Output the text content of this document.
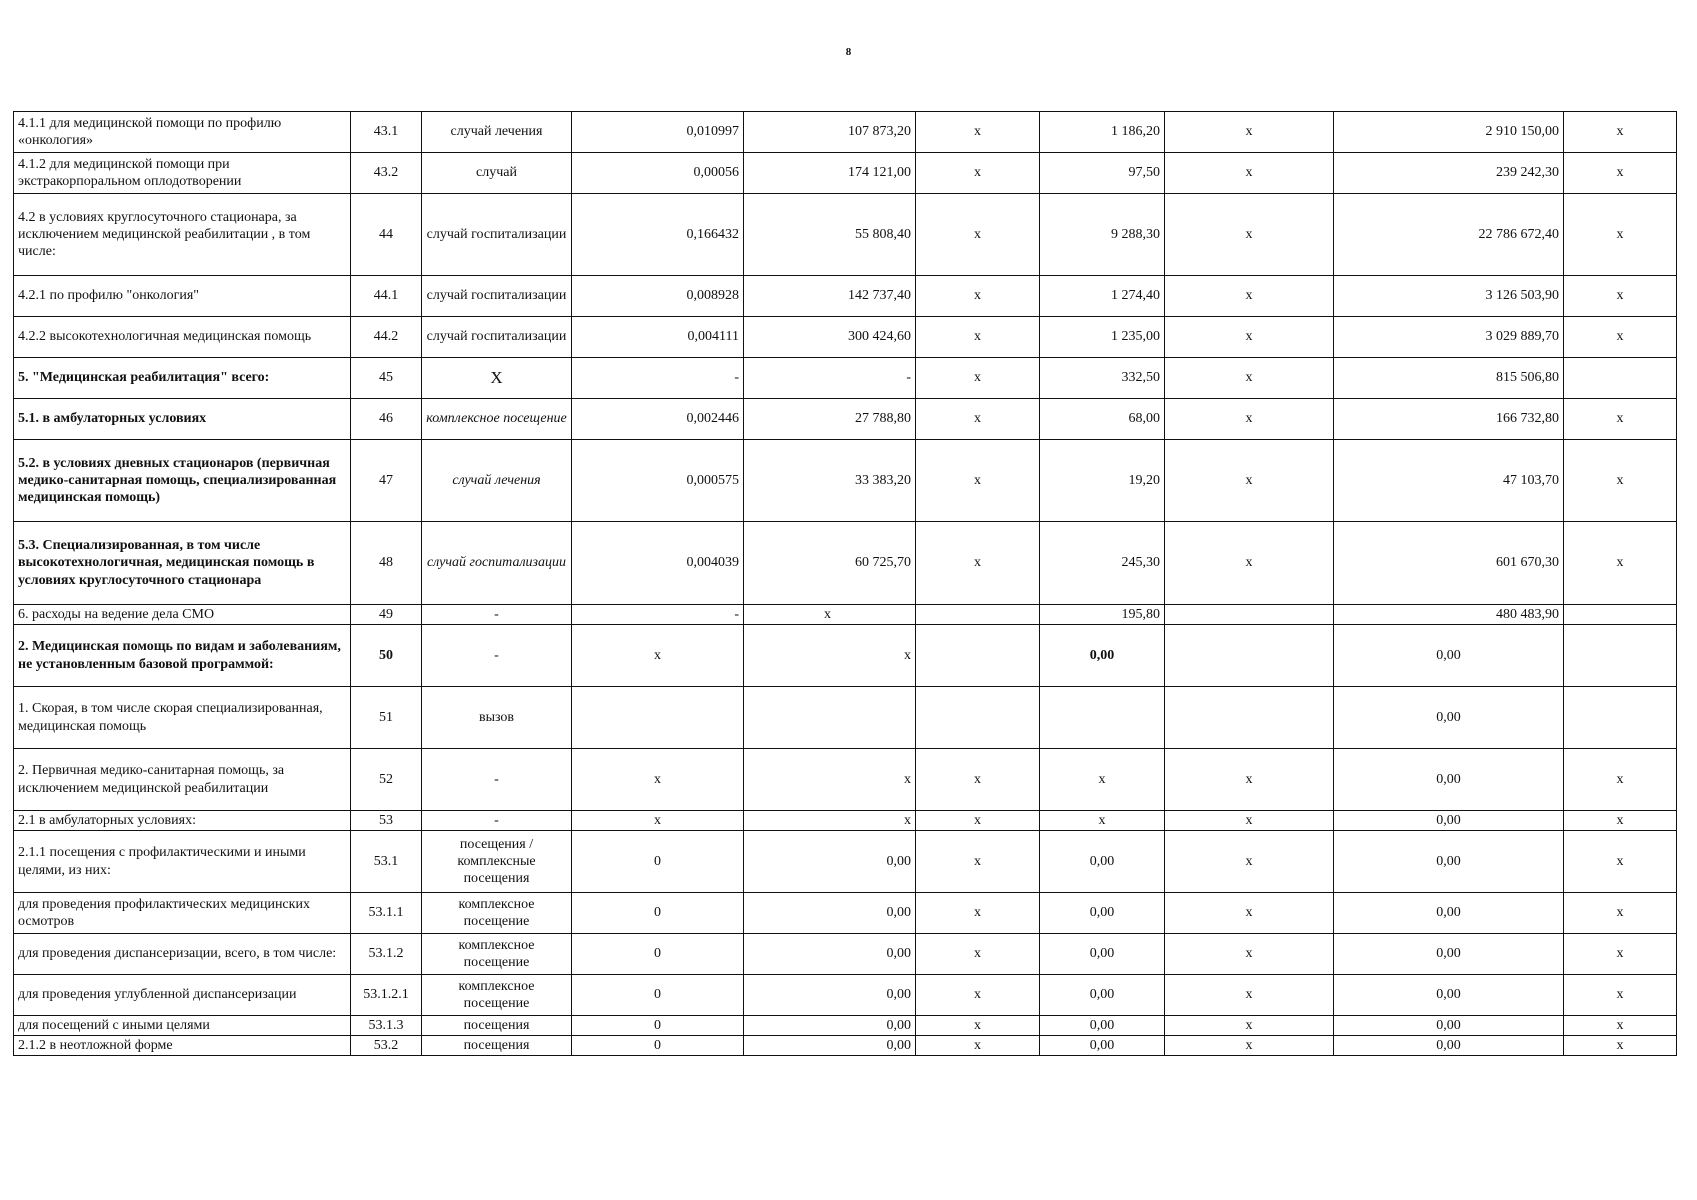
8
4.1.1 для медицинской помощи по профилю «онкология»	43.1	случай лечения	0,010997	107 873,20	x	1 186,20	x	2 910 150,00	x
4.1.2 для медицинской помощи при экстракорпоральном оплодотворении	43.2	случай	0,00056	174 121,00	x	97,50	x	239 242,30	x
4.2 в условиях круглосуточного стационара, за исключением медицинской реабилитации , в том числе:	44	случай госпитализации	0,166432	55 808,40	x	9 288,30	x	22 786 672,40	x
4.2.1 по профилю "онкология"	44.1	случай госпитализации	0,008928	142 737,40	x	1 274,40	x	3 126 503,90	x
4.2.2 высокотехнологичная медицинская помощь	44.2	случай госпитализации	0,004111	300 424,60	x	1 235,00	x	3 029 889,70	x
5. "Медицинская реабилитация" всего:	45	X	-	-	x	332,50	x	815 506,80	
5.1. в амбулаторных условиях	46	комплексное посещение	0,002446	27 788,80	x	68,00	x	166 732,80	x
5.2. в условиях дневных стационаров (первичная медико-санитарная помощь, специализированная медицинская помощь)	47	случай лечения	0,000575	33 383,20	x	19,20	x	47 103,70	x
5.3. Специализированная, в том числе высокотехнологичная, медицинская помощь в условиях круглосуточного стационара	48	случай госпитализации	0,004039	60 725,70	x	245,30	x	601 670,30	x
6. расходы на ведение дела СМО	49	-	-	x		195,80		480 483,90	
2. Медицинская помощь по видам и заболеваниям, не установленным базовой программой:	50	-	x	x		0,00		0,00	
1. Скорая, в том числе скорая специализированная, медицинская помощь	51	вызов						0,00	
2. Первичная медико-санитарная помощь, за исключением медицинской реабилитации	52	-	x	x	x	x	x	0,00	x
2.1 в амбулаторных условиях:	53	-	x	x	x	x	x	0,00	x
2.1.1 посещения с профилактическими и иными целями, из них:	53.1	посещения / комплексные посещения	0	0,00	x	0,00	x	0,00	x
для проведения профилактических медицинских осмотров	53.1.1	комплексное посещение	0	0,00	x	0,00	x	0,00	x
для проведения диспансеризации, всего, в том числе:	53.1.2	комплексное посещение	0	0,00	x	0,00	x	0,00	x
для проведения углубленной диспансеризации	53.1.2.1	комплексное посещение	0	0,00	x	0,00	x	0,00	x
для посещений с иными целями	53.1.3	посещения	0	0,00	x	0,00	x	0,00	x
2.1.2 в неотложной форме	53.2	посещения	0	0,00	x	0,00	x	0,00	x
